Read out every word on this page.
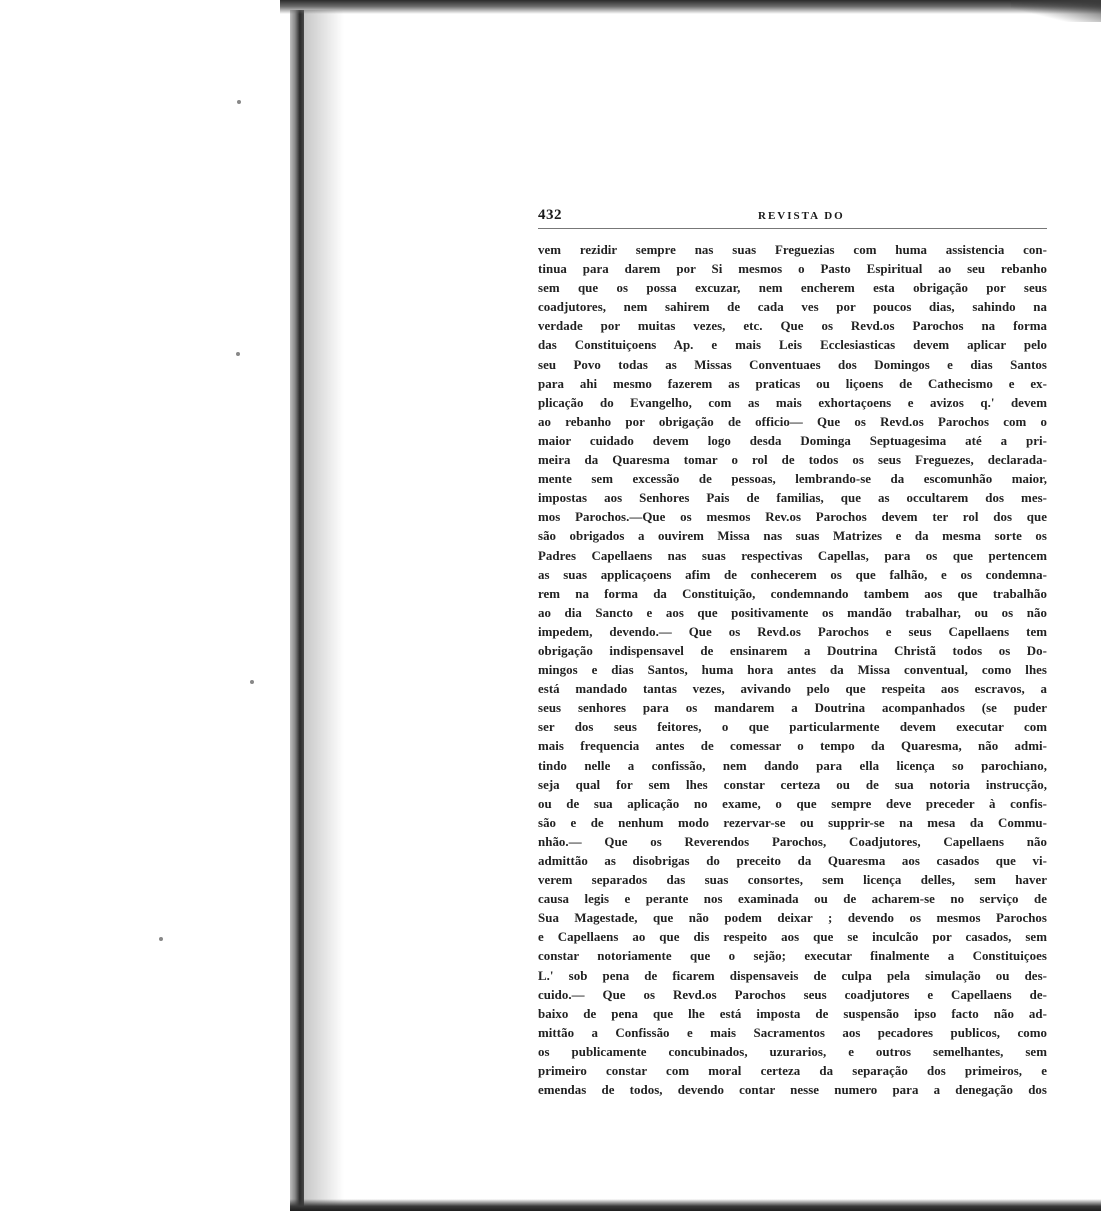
432	REVISTA DO
vem rezidir sempre nas suas Freguezias com huma assistencia con-
tinua para darem por Si mesmos o Pasto Espiritual ao seu rebanho
sem que os possa excuzar, nem encherem esta obrigação por seus
coadjutores, nem sahirem de cada ves por poucos dias, sahindo na
verdade por muitas vezes, etc. Que os Revd.os Parochos na forma
das Constituiçoens Ap. e mais Leis Ecclesiasticas devem aplicar pelo
seu Povo todas as Missas Conventuaes dos Domingos e dias Santos
para ahi mesmo fazerem as praticas ou liçoens de Cathecismo e ex-
plicação do Evangelho, com as mais exhortaçoens e avizos q.' devem
ao rebanho por obrigação de officio— Que os Revd.os Parochos com o
maior cuidado devem logo desda Dominga Septuagesima até a pri-
meira da Quaresma tomar o rol de todos os seus Freguezes, declarada-
mente sem excessão de pessoas, lembrando-se da escomunhão maior,
impostas aos Senhores Pais de familias, que as occultarem dos mes-
mos Parochos.—Que os mesmos Rev.os Parochos devem ter rol dos que
são obrigados a ouvirem Missa nas suas Matrizes e da mesma sorte os
Padres Capellaens nas suas respectivas Capellas, para os que pertencem
as suas applicaçoens afim de conhecerem os que falhão, e os condemna-
rem na forma da Constituição, condemnando tambem aos que trabalhão
ao dia Sancto e aos que positivamente os mandão trabalhar, ou os não
impedem, devendo.— Que os Revd.os Parochos e seus Capellaens tem
obrigação indispensavel de ensinarem a Doutrina Christã todos os Do-
mingos e dias Santos, huma hora antes da Missa conventual, como lhes
está mandado tantas vezes, avivando pelo que respeita aos escravos, a
seus senhores para os mandarem a Doutrina acompanhados (se puder
ser dos seus feitores, o que particularmente devem executar com
mais frequencia antes de comessar o tempo da Quaresma, não admi-
tindo nelle a confissão, nem dando para ella licença so parochiano,
seja qual for sem lhes constar certeza ou de sua notoria instrucção,
ou de sua aplicação no exame, o que sempre deve preceder à confis-
são e de nenhum modo rezervar-se ou supprir-se na mesa da Commu-
nhão.— Que os Reverendos Parochos, Coadjutores, Capellaens não
admittão as disobrigas do preceito da Quaresma aos casados que vi-
verem separados das suas consortes, sem licença delles, sem haver
causa legis e perante nos examinada ou de acharem-se no serviço de
Sua Magestade, que não podem deixar ; devendo os mesmos Parochos
e Capellaens ao que dis respeito aos que se inculcão por casados, sem
constar notoriamente que o sejão; executar finalmente a Constituiçoes
L.' sob pena de ficarem dispensaveis de culpa pela simulação ou des-
cuido.— Que os Revd.os Parochos seus coadjutores e Capellaens de-
baixo de pena que lhe está imposta de suspensão ipso facto não ad-
mittão a Confissão e mais Sacramentos aos pecadores publicos, como
os publicamente concubinados, uzurarios, e outros semelhantes, sem
primeiro constar com moral certeza da separação dos primeiros, e
emendas de todos, devendo contar nesse numero para a denegação dos
